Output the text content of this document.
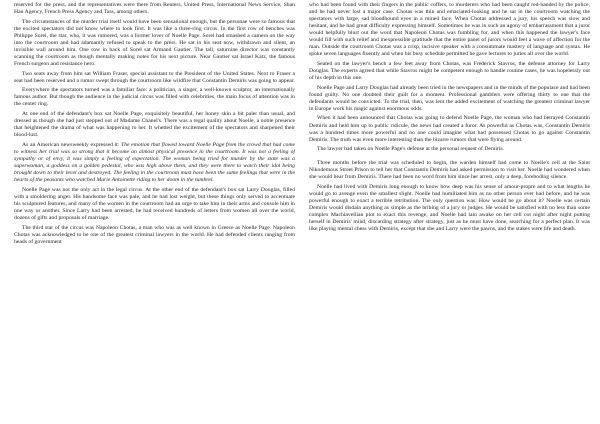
reserved for the press, and the representatives were there from Reuters, United Press, International News Service, Shan Hau Agency, French Press Agency and Tass, among others.

The circumstances of the murder trial itself would have been sensational enough, but the personae were so famous that the excited spectators did not know where to look first. It was like a three-ring circus. In the first row of benches was Philippe Sorel, the star, who, it was rumored, was a former lover of Noelle Page. Sorel had smashed a camera on the way into the courtroom and had adamantly refused to speak to the press. He sat in his seat now, withdrawn and silent, an invisible wall around him. One row in back of Sorel sat Armand Gautier. The tall, saturnine director was constantly scanning the courtroom as though mentally making notes for his next picture. Near Gautier sat Israel Katz, the famous French surgeon and resistance hero.

Two seats away from him sat William Fraser, special assistant to the President of the United States. Next to Fraser a seat had been reserved and a rumor swept through the courtroom like wildfire that Constantin Demiris was going to appear.

Everywhere the spectators turned was a familiar face: a politician, a singer, a well-known sculptor, an internationally famous author. But though the audience in the judicial circus was filled with celebrities, the main focus of attention was in the center ring.

At one end of the defendant's box sat Noelle Page, exquisitely beautiful, her honey skin a bit paler than usual, and dressed as though she had just stepped out of Madame Chanel's. There was a regal quality about Noelle, a noble presence that heightened the drama of what was happening to her. It whetted the excitement of the spectators and sharpened their blood-lust.

As an American newsweekly expressed it: The emotion that flowed toward Noelle Page from the crowd that had come to witness her trial was so strong that it become an almost physical presence in the courtroom. It was not a feeling of sympathy or of envy, it was simply a feeling of expectation. The woman being tried for murder by the state was a superwoman, a goddess on a golden pedestal, who was high above them, and they were there to watch their idol being brought down to their level and destroyed. The feeling in the courtroom must have been the same feelings that were in the hearts of the peasants who watched Marie Antoinette riding to her doom in the tumbrel.

Noelle Page was not the only act in the legal circus. At the other end of the defendant's box sat Larry Douglas, filled with a smoldering anger. His handsome face was pale, and he had lost weight, but these things only served to accentuate his sculptured features, and many of the women in the courtroom had an urge to take him in their arms and console him in one way or another. Since Larry had been arrested, he had received hundreds of letters from women all over the world, dozens of gifts and proposals of marriage.

The third star of the circus was Napoleon Chotas, a man who was as well known in Greece as Noelle Page. Napoleon Chotas was acknowledged to be one of the greatest criminal lawyers in the world. He had defended clients ranging from heads of government

who had been found with their fingers in the public coffers, to murderers who had been caught red-handed by the police, and he had never lost a major case. Chotas was thin and emaciated-looking and he sat in the courtroom watching the spectators with large, sad bloodhound eyes in a mined face. When Chotas addressed a jury, his speech was slow and hesitant, and he had great difficulty expressing himself. Sometimes he was in such an agony of embarrassment that a juror would helpfully blurt out the word that Napoleon Chotas was fumbling for, and when this happened the lawyer's face would fill with such relief and inexpressible gratitude that the entire panel of jurors would feel a wave of affection for the man. Outside the courtroom Chotas was a crisp, incisive speaker with a consummate mastery of language and syntax. He spoke seven languages fluently and when his busy schedule permitted he gave lectures to juries all over the world.

Seated on the lawyer's bench a few feet away from Chotas, was Frederick Stavros, the defense attorney for Larry Douglas. The experts agreed that while Stavros might be competent enough to handle routine cases, he was hopelessly out of his depth in this one.

Noelle Page and Larry Douglas had already been tried in the newspapers and in the minds of the populace and had been found guilty. No one doubted their guilt for a moment. Professional gamblers were offering thirty to one that the defendants would be convicted. To the trial, then, was lent the added excitement of watching the greatest criminal lawyer in Europe work his magic against enormous odds.

When it had been announced that Chotas was going to defend Noelle Page, the woman who had betrayed Constantin Demiris and held him up to public ridicule, the news had created a furor. As powerful as Chotas was, Constantin Demiris was a hundred times more powerful and no one could imagine what had possessed Chotas to go against Constantin Demiris. The truth was even more interesting than the bizarre rumors that were flying around.

The lawyer had taken on Noelle Page's defense at the personal request of Demiris.

Three months before the trial was scheduled to begin, the warden himself had come to Noelle's cell at the Saint Nikodemous Street Prison to tell her that Constantin Demiris had asked permission to visit her. Noelle had wondered when she would hear from Demiris. There had been no word from him since her arrest, only a deep, foreboding silence.

Noelle had lived with Demiris long enough to know how deep was his sense of amour-propre and to what lengths he would go to avenge even the smallest slight. Noelle had humiliated him as no other person ever had before, and he was powerful enough to exact a terrible retribution. The only question was: How would he go about it? Noelle was certain Demiris would disdain anything as simple as the bribing of a jury or judges. He would be satisfied with no less than some complex Machiavellian plot to exact this revenge, and Noelle had lain awake on her cell cot night after night putting herself in Demiris' mind, discarding strategy after strategy, just as he must have done, searching for a perfect plan. It was like playing mental chess with Demiris, except that she and Larry were the pawns, and the stakes were life and death.
